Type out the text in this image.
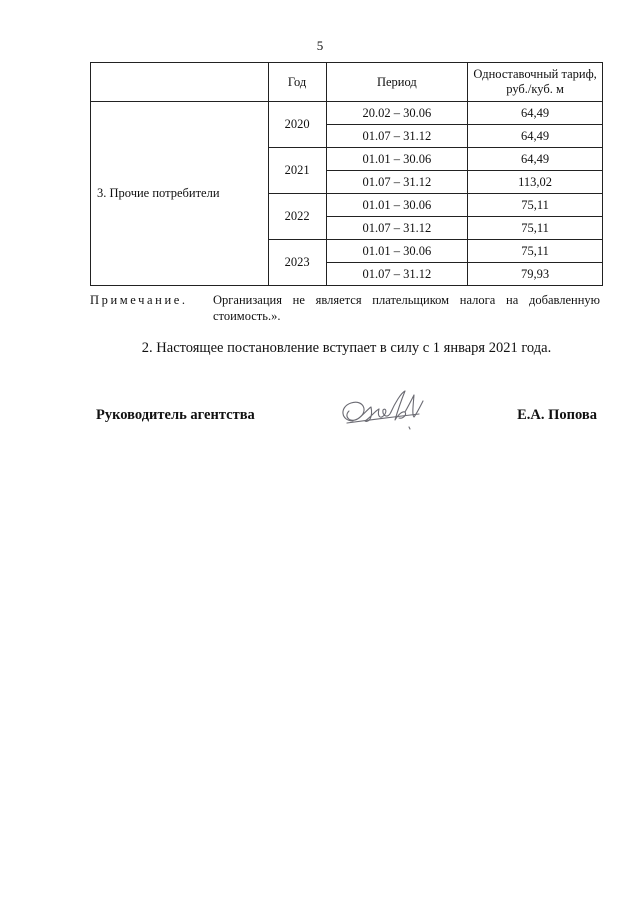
5
	Год	Период	Одноставочный тариф, руб./куб. м
3. Прочие потребители	2020	20.02 – 30.06	64,49
		01.07 – 31.12	64,49
	2021	01.01 – 30.06	64,49
		01.07 – 31.12	113,02
	2022	01.01 – 30.06	75,11
		01.07 – 31.12	75,11
	2023	01.01 – 30.06	75,11
		01.07 – 31.12	79,93
Примечание. Организация не является плательщиком налога на добавленную стоимость.».
2. Настоящее постановление вступает в силу с 1 января 2021 года.
Руководитель агентства	Е.А. Попова
